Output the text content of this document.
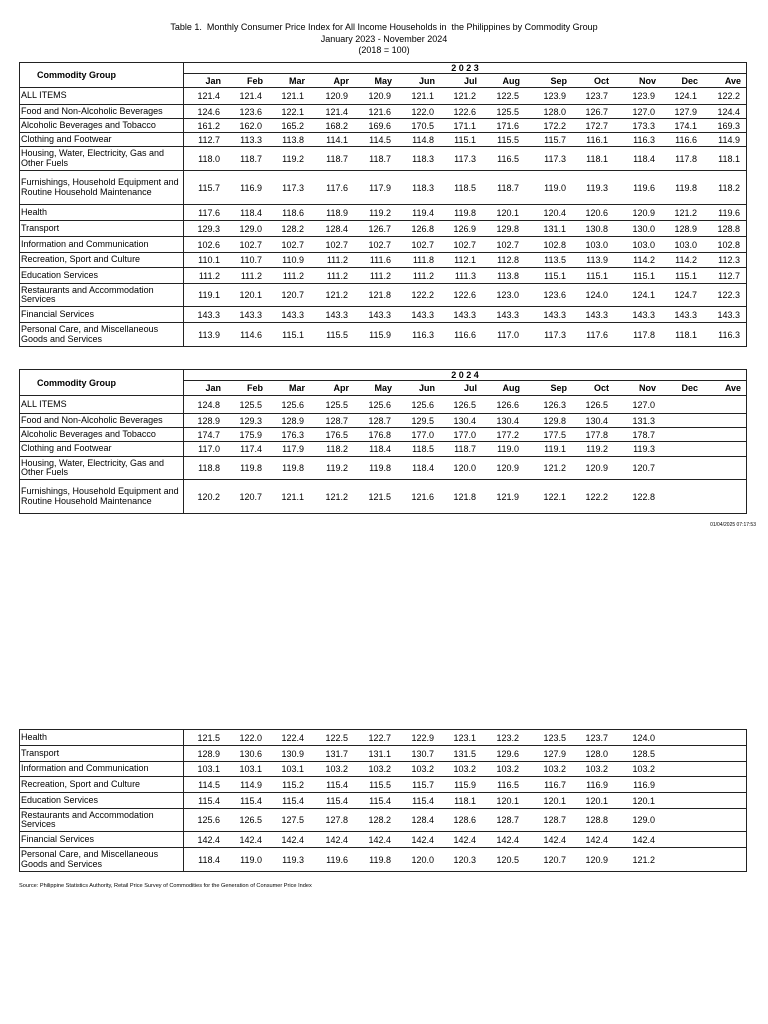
Table 1.  Monthly Consumer Price Index for All Income Households in  the Philippines by Commodity Group
January 2023 - November 2024
(2018 = 100)
Commodity Group
2 0 2 3
Jan	Feb	Mar	Apr	May	Jun	Jul	Aug	Sep	Oct	Nov	Dec	Ave
ALL ITEMS	121.4	121.4	121.1	120.9	120.9	121.1	121.2	122.5	123.9	123.7	123.9	124.1	122.2
Food and Non-Alcoholic Beverages	124.6	123.6	122.1	121.4	121.6	122.0	122.6	125.5	128.0	126.7	127.0	127.9	124.4
Alcoholic Beverages and Tobacco	161.2	162.0	165.2	168.2	169.6	170.5	171.1	171.6	172.2	172.7	173.3	174.1	169.3
Clothing and Footwear	112.7	113.3	113.8	114.1	114.5	114.8	115.1	115.5	115.7	116.1	116.3	116.6	114.9
Housing, Water, Electricity, Gas and Other Fuels	118.0	118.7	119.2	118.7	118.7	118.3	117.3	116.5	117.3	118.1	118.4	117.8	118.1
Furnishings, Household Equipment and Routine Household Maintenance	115.7	116.9	117.3	117.6	117.9	118.3	118.5	118.7	119.0	119.3	119.6	119.8	118.2
Health	117.6	118.4	118.6	118.9	119.2	119.4	119.8	120.1	120.4	120.6	120.9	121.2	119.6
Transport	129.3	129.0	128.2	128.4	126.7	126.8	126.9	129.8	131.1	130.8	130.0	128.9	128.8
Information and Communication	102.6	102.7	102.7	102.7	102.7	102.7	102.7	102.7	102.8	103.0	103.0	103.0	102.8
Recreation, Sport and Culture	110.1	110.7	110.9	111.2	111.6	111.8	112.1	112.8	113.5	113.9	114.2	114.2	112.3
Education Services	111.2	111.2	111.2	111.2	111.2	111.2	111.3	113.8	115.1	115.1	115.1	115.1	112.7
Restaurants and Accommodation Services	119.1	120.1	120.7	121.2	121.8	122.2	122.6	123.0	123.6	124.0	124.1	124.7	122.3
Financial Services	143.3	143.3	143.3	143.3	143.3	143.3	143.3	143.3	143.3	143.3	143.3	143.3	143.3
Personal Care, and Miscellaneous Goods and Services	113.9	114.6	115.1	115.5	115.9	116.3	116.6	117.0	117.3	117.6	117.8	118.1	116.3
Commodity Group
2 0 2 4
Jan	Feb	Mar	Apr	May	Jun	Jul	Aug	Sep	Oct	Nov	Dec	Ave
ALL ITEMS	124.8	125.5	125.6	125.5	125.6	125.6	126.5	126.6	126.3	126.5	127.0
Food and Non-Alcoholic Beverages	128.9	129.3	128.9	128.7	128.7	129.5	130.4	130.4	129.8	130.4	131.3
Alcoholic Beverages and Tobacco	174.7	175.9	176.3	176.5	176.8	177.0	177.0	177.2	177.5	177.8	178.7
Clothing and Footwear	117.0	117.4	117.9	118.2	118.4	118.5	118.7	119.0	119.1	119.2	119.3
Housing, Water, Electricity, Gas and Other Fuels	118.8	119.8	119.8	119.2	119.8	118.4	120.0	120.9	121.2	120.9	120.7
Furnishings, Household Equipment and Routine Household Maintenance	120.2	120.7	121.1	121.2	121.5	121.6	121.8	121.9	122.1	122.2	122.8
01/04/2025 07:17:53
Health	121.5	122.0	122.4	122.5	122.7	122.9	123.1	123.2	123.5	123.7	124.0
Transport	128.9	130.6	130.9	131.7	131.1	130.7	131.5	129.6	127.9	128.0	128.5
Information and Communication	103.1	103.1	103.1	103.2	103.2	103.2	103.2	103.2	103.2	103.2	103.2
Recreation, Sport and Culture	114.5	114.9	115.2	115.4	115.5	115.7	115.9	116.5	116.7	116.9	116.9
Education Services	115.4	115.4	115.4	115.4	115.4	115.4	118.1	120.1	120.1	120.1	120.1
Restaurants and Accommodation Services	125.6	126.5	127.5	127.8	128.2	128.4	128.6	128.7	128.7	128.8	129.0
Financial Services	142.4	142.4	142.4	142.4	142.4	142.4	142.4	142.4	142.4	142.4	142.4
Personal Care, and Miscellaneous Goods and Services	118.4	119.0	119.3	119.6	119.8	120.0	120.3	120.5	120.7	120.9	121.2
Source: Philippine Statistics Authority, Retail Price Survey of Commodities for the Generation of Consumer Price Index
